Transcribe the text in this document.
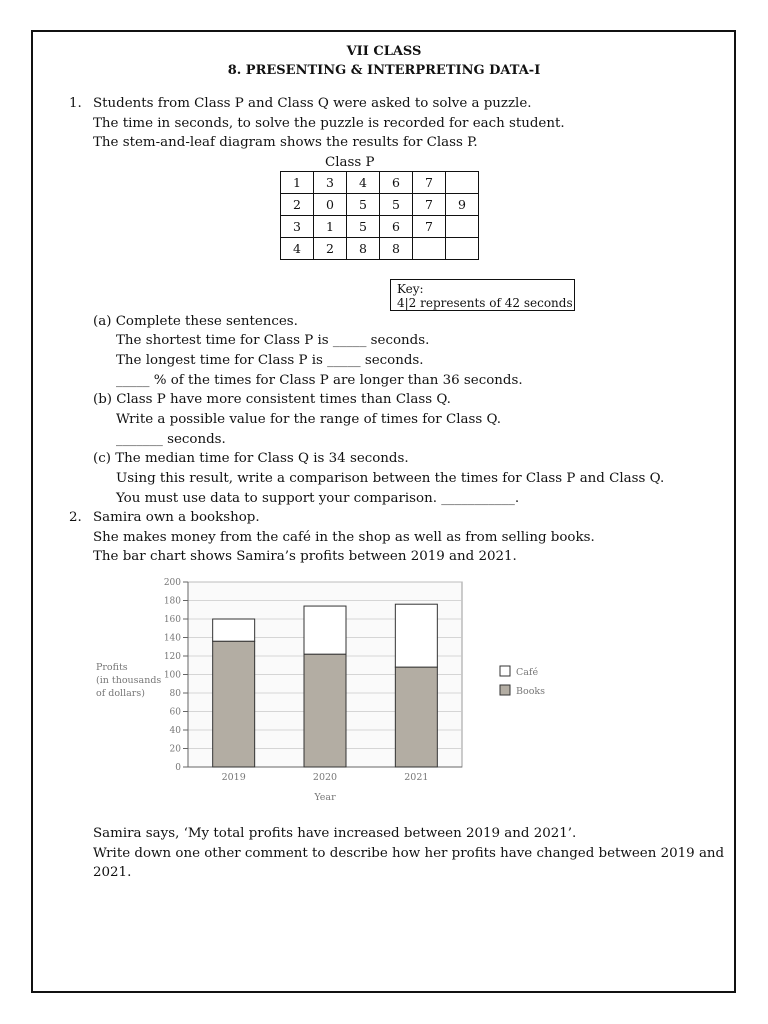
VII CLASS
8. PRESENTING & INTERPRETING DATA-I
1. Students from Class P and Class Q were asked to solve a puzzle.
The time in seconds, to solve the puzzle is recorded for each student.
The stem-and-leaf diagram shows the results for Class P.
Class P
1	3	4	6	7	
2	0	5	5	7	9
3	1	5	6	7	
4	2	8	8		
Key:
4|2 represents of 42 seconds
(a) Complete these sentences.
The shortest time for Class P is _____ seconds.
The longest time for Class P is _____ seconds.
_____ % of the times for Class P are longer than 36 seconds.
(b) Class P have more consistent times than Class Q.
Write a possible value for the range of times for Class Q.
_______ seconds.
(c) The median time for Class Q is 34 seconds.
Using this result, write a comparison between the times for Class P and Class Q.
You must use data to support your comparison. ___________.
2. Samira own a bookshop.
She makes money from the café in the shop as well as from selling books.
The bar chart shows Samira’s profits between 2019 and 2021.
0
20
40
60
80
100
120
140
160
180
200
2019	2020	2021
Year
Profits
(in thousands
of dollars)
Café
Books
Samira says, ‘My total profits have increased between 2019 and 2021’.
Write down one other comment to describe how her profits have changed between 2019 and
2021.
